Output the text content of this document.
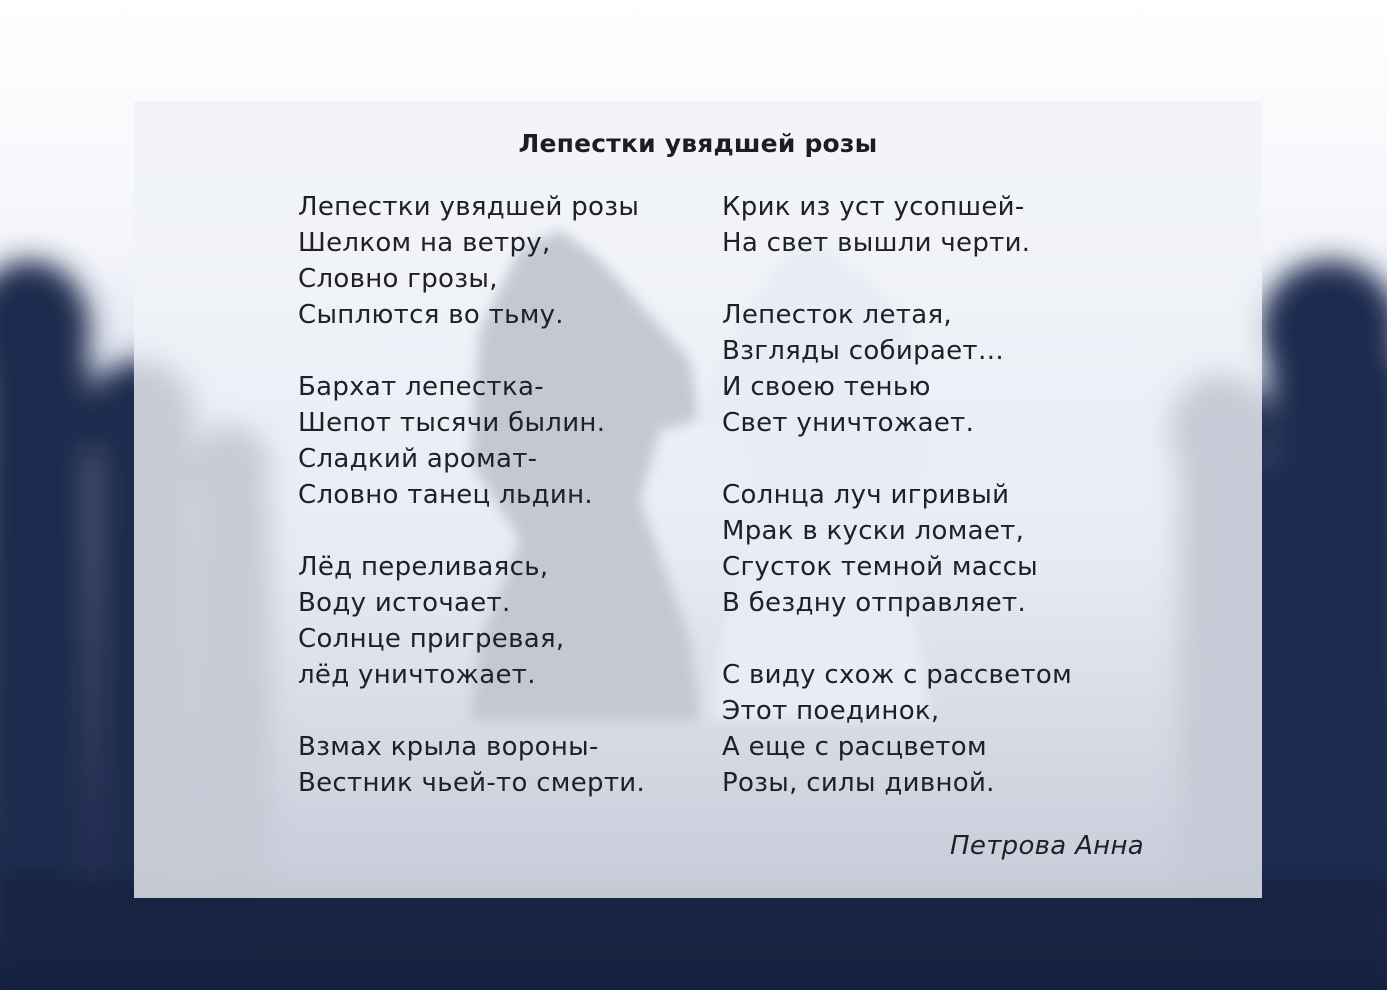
Лепестки увядшей розы
Лепестки увядшей розы
Шелком на ветру,
Словно грозы,
Сыплются во тьму.
Бархат лепестка-
Шепот тысячи былин.
Сладкий аромат-
Словно танец льдин.
Лёд переливаясь,
Воду источает.
Солнце пригревая,
лёд уничтожает.
Взмах крыла вороны-
Вестник чьей-то смерти.
Крик из уст усопшей-
На свет вышли черти.
Лепесток летая,
Взгляды собирает…
И своею тенью
Свет уничтожает.
Солнца луч игривый
Мрак в куски ломает,
Сгусток темной массы
В бездну отправляет.
С виду схож с рассветом
Этот поединок,
А еще с расцветом
Розы, силы дивной.
Петрова Анна
